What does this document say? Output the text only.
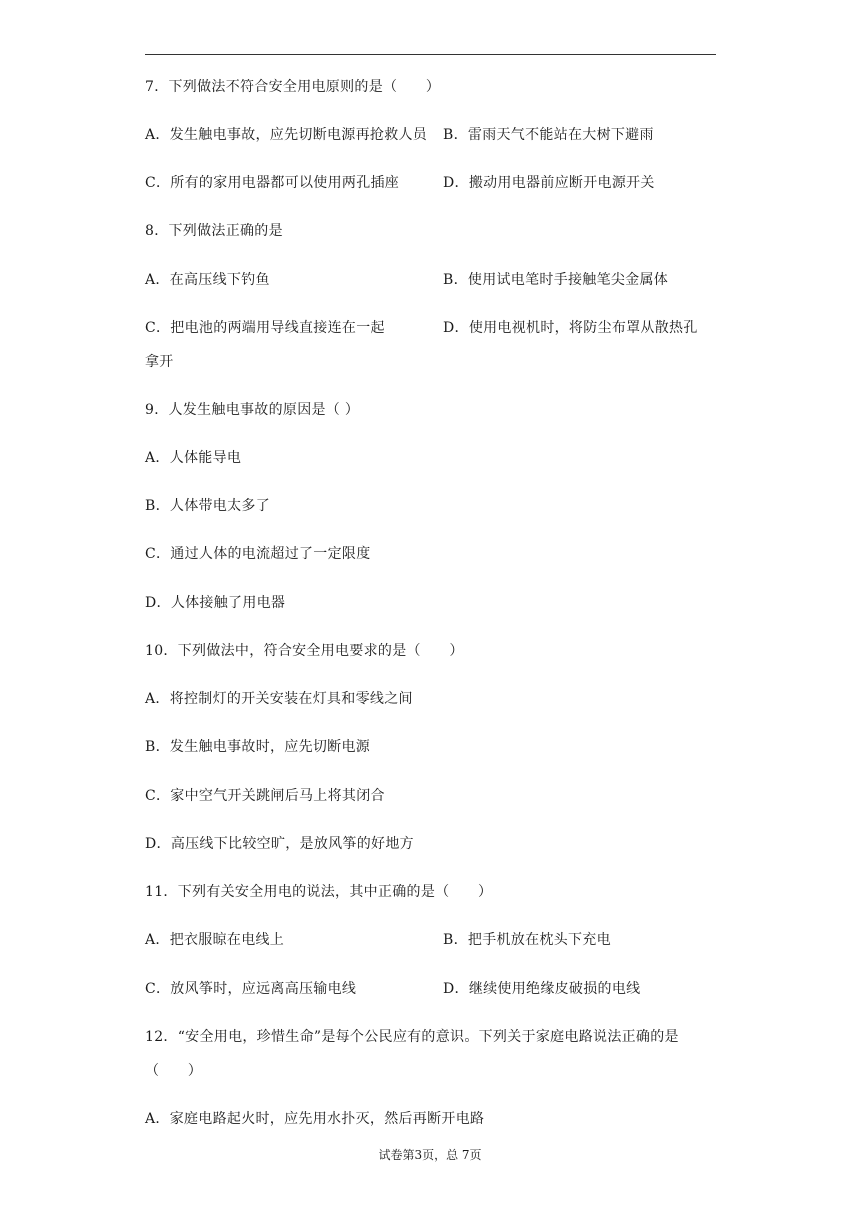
7．下列做法不符合安全用电原则的是（　　）
A．发生触电事故，应先切断电源再抢救人员 B．雷雨天气不能站在大树下避雨
C．所有的家用电器都可以使用两孔插座	D．搬动用电器前应断开电源开关
8．下列做法正确的是
A．在高压线下钓鱼	B．使用试电笔时手接触笔尖金属体
C．把电池的两端用导线直接连在一起	D．使用电视机时，将防尘布罩从散热孔
拿开
9．人发生触电事故的原因是（ ）
A．人体能导电
B．人体带电太多了
C．通过人体的电流超过了一定限度
D．人体接触了用电器
10．下列做法中，符合安全用电要求的是（　　）
A．将控制灯的开关安装在灯具和零线之间
B．发生触电事故时，应先切断电源
C．家中空气开关跳闸后马上将其闭合
D．高压线下比较空旷，是放风筝的好地方
11．下列有关安全用电的说法，其中正确的是（　　）
A．把衣服晾在电线上	B．把手机放在枕头下充电
C．放风筝时，应远离高压输电线	D．继续使用绝缘皮破损的电线
12．“安全用电，珍惜生命”是每个公民应有的意识。下列关于家庭电路说法正确的是
（　　）
A．家庭电路起火时，应先用水扑灭，然后再断开电路
试卷第3页，总 7页
